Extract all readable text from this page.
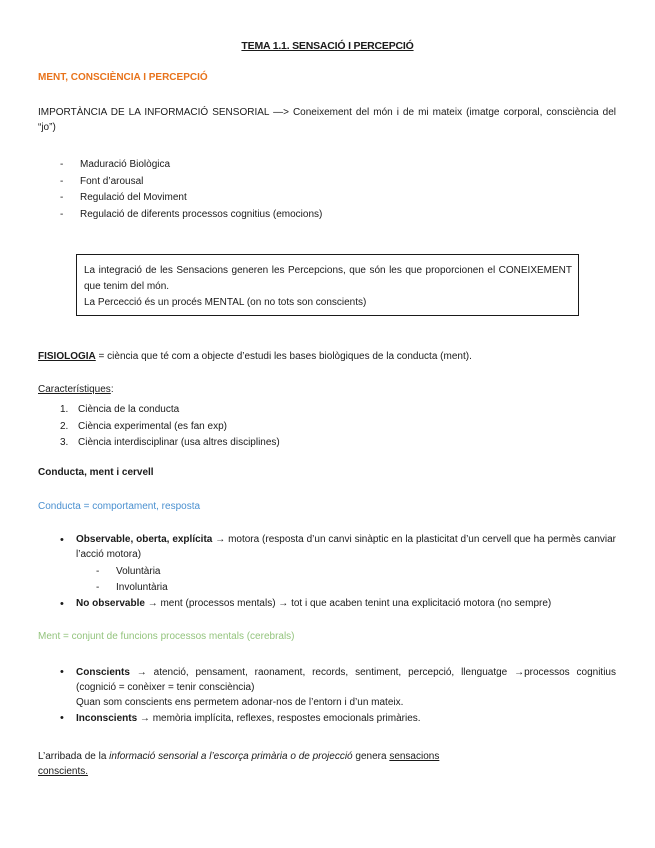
TEMA 1.1. SENSACIÓ I PERCEPCIÓ
MENT, CONSCIÈNCIA I PERCEPCIÓ
IMPORTÀNCIA DE LA INFORMACIÓ SENSORIAL —> Coneixement del món i de mi mateix (imatge corporal, consciència del “jo”)
-	Maduració Biològica
-	Font d’arousal
-	Regulació del Moviment
-	Regulació de diferents processos cognitius (emocions)
La integració de les Sensacions generen les Percepcions, que són les que proporcionen el CONEIXEMENT que tenim del món.
La Percecció és un procés MENTAL (on no tots son conscients)
FISIOLOGIA = ciència que té com a objecte d’estudi les bases biològiques de la conducta (ment).
Característiques:
1. Ciència de la conducta
2. Ciència experimental (es fan exp)
3. Ciència interdisciplinar (usa altres disciplines)
Conducta, ment i cervell
Conducta = comportament, resposta
•	Observable, oberta, explícita → motora (resposta d’un canvi sinàptic en la plasticitat d’un cervell que ha permès canviar l’acció motora)
-	Voluntària
-	Involuntària
•	No observable → ment (processos mentals) → tot i que acaben tenint una explicitació motora (no sempre)
Ment = conjunt de funcions processos mentals (cerebrals)
•	Conscients → atenció, pensament, raonament, records, sentiment, percepció, llenguatge →processos cognitius (cognició = conèixer = tenir consciència)
Quan som conscients ens permetem adonar-nos de l’entorn i d’un mateix.
•	Inconscients → memòria implícita, reflexes, respostes emocionals primàries.
L’arribada de la informació sensorial a l’escorça primària o de projecció genera sensacions
conscients.
